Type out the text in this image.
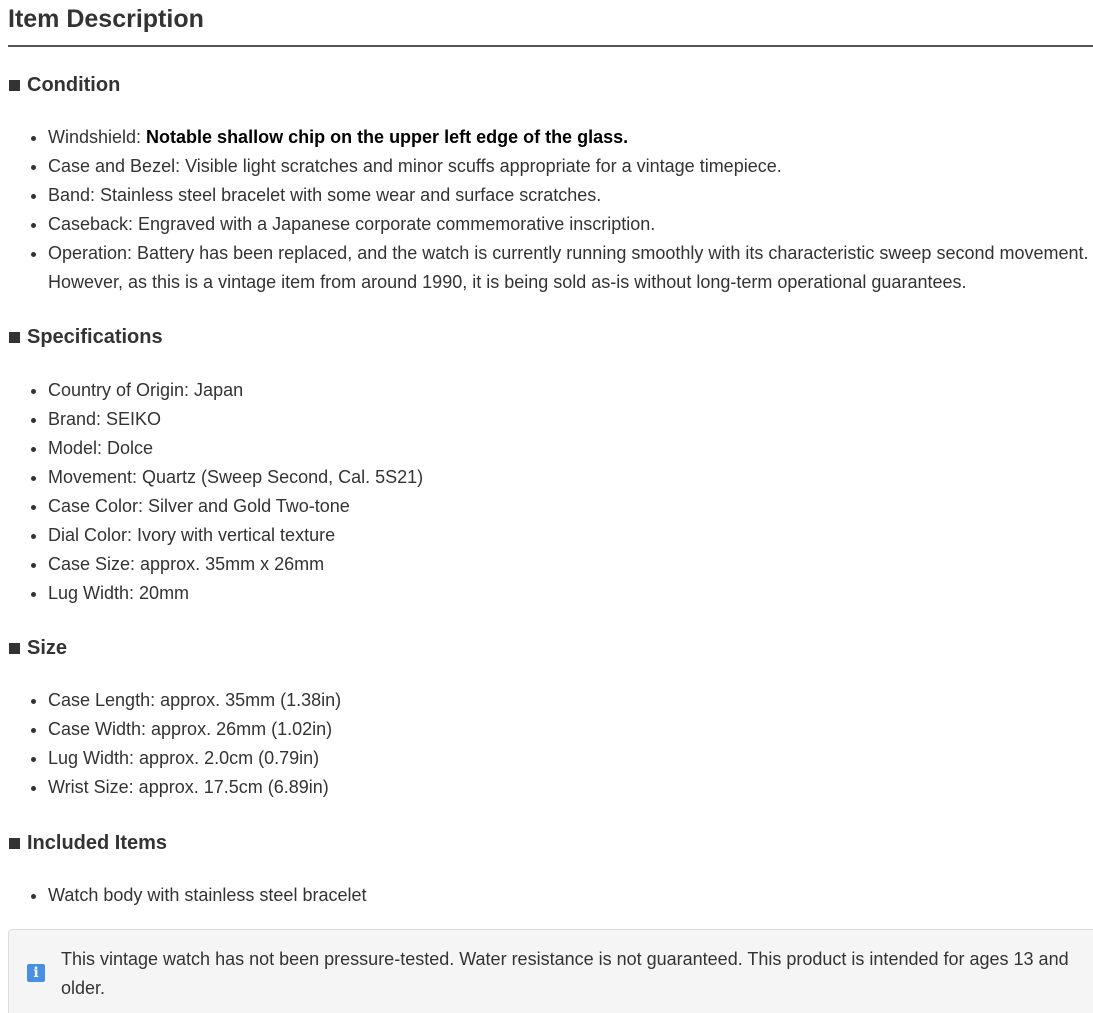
Item Description
Condition
• Windshield: Notable shallow chip on the upper left edge of the glass.
• Case and Bezel: Visible light scratches and minor scuffs appropriate for a vintage timepiece.
• Band: Stainless steel bracelet with some wear and surface scratches.
• Caseback: Engraved with a Japanese corporate commemorative inscription.
• Operation: Battery has been replaced, and the watch is currently running smoothly with its characteristic sweep second movement. However, as this is a vintage item from around 1990, it is being sold as-is without long-term operational guarantees.
Specifications
• Country of Origin: Japan
• Brand: SEIKO
• Model: Dolce
• Movement: Quartz (Sweep Second, Cal. 5S21)
• Case Color: Silver and Gold Two-tone
• Dial Color: Ivory with vertical texture
• Case Size: approx. 35mm x 26mm
• Lug Width: 20mm
Size
• Case Length: approx. 35mm (1.38in)
• Case Width: approx. 26mm (1.02in)
• Lug Width: approx. 2.0cm (0.79in)
• Wrist Size: approx. 17.5cm (6.89in)
Included Items
• Watch body with stainless steel bracelet
i
This vintage watch has not been pressure-tested. Water resistance is not guaranteed. This product is intended for ages 13 and older.
